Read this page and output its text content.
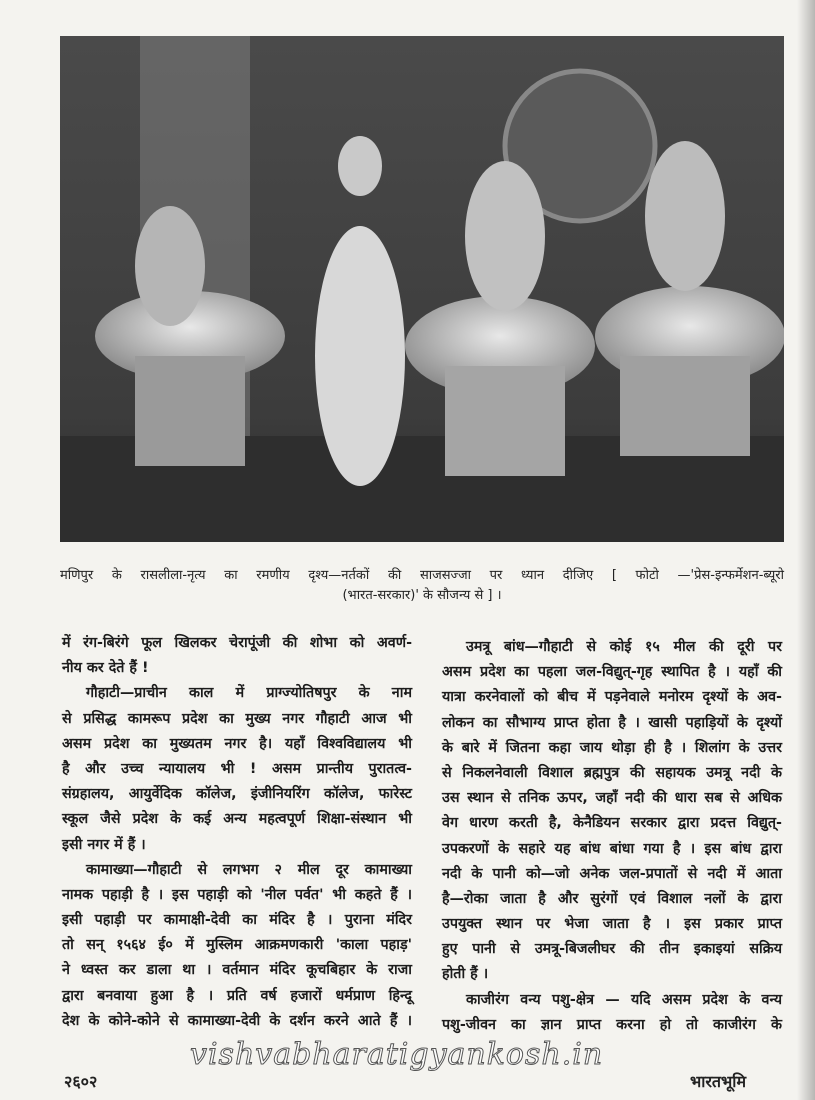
मणिपुर के रासलीला-नृत्य का रमणीय दृश्य—नर्तकों की साजसज्जा पर ध्यान दीजिए [ फोटो —'प्रेस-इन्फर्मेशन-ब्यूरो
(भारत-सरकार)' के सौजन्य से ] ।
में रंग-बिरंगे फूल खिलकर चेरापूंजी की शोभा को अवर्ण-
नीय कर देते हैं !
गौहाटी—प्राचीन काल में प्राग्ज्योतिषपुर के नाम
से प्रसिद्ध कामरूप प्रदेश का मुख्य नगर गौहाटी आज भी
असम प्रदेश का मुख्यतम नगर है। यहाँ विश्वविद्यालय भी
है और उच्च न्यायालय भी ! असम प्रान्तीय पुरातत्व-
संग्रहालय, आयुर्वेदिक कॉलेज, इंजीनियरिंग कॉलेज, फारेस्ट
स्कूल जैसे प्रदेश के कई अन्य महत्वपूर्ण शिक्षा-संस्थान भी
इसी नगर में हैं ।
कामाख्या—गौहाटी से लगभग २ मील दूर कामाख्या
नामक पहाड़ी है । इस पहाड़ी को 'नील पर्वत' भी कहते हैं ।
इसी पहाड़ी पर कामाक्षी-देवी का मंदिर है । पुराना मंदिर
तो सन् १५६४ ई० में मुस्लिम आक्रमणकारी 'काला पहाड़'
ने ध्वस्त कर डाला था । वर्तमान मंदिर कूचबिहार के राजा
द्वारा बनवाया हुआ है । प्रति वर्ष हजारों धर्मप्राण हिन्दू
देश के कोने-कोने से कामाख्या-देवी के दर्शन करने आते हैं ।
उमत्रू बांध—गौहाटी से कोई १५ मील की दूरी पर
असम प्रदेश का पहला जल-विद्युत्-गृह स्थापित है । यहाँ की
यात्रा करनेवालों को बीच में पड़नेवाले मनोरम दृश्यों के अव-
लोकन का सौभाग्य प्राप्त होता है । खासी पहाड़ियों के दृश्यों
के बारे में जितना कहा जाय थोड़ा ही है । शिलांग के उत्तर
से निकलनेवाली विशाल ब्रह्मपुत्र की सहायक उमत्रू नदी के
उस स्थान से तनिक ऊपर, जहाँ नदी की धारा सब से अधिक
वेग धारण करती है, केनैडियन सरकार द्वारा प्रदत्त विद्युत्-
उपकरणों के सहारे यह बांध बांधा गया है । इस बांध द्वारा
नदी के पानी को—जो अनेक जल-प्रपातों से नदी में आता
है—रोका जाता है और सुरंगों एवं विशाल नलों के द्वारा
उपयुक्त स्थान पर भेजा जाता है । इस प्रकार प्राप्त
हुए पानी से उमत्रू-बिजलीघर की तीन इकाइयां सक्रिय
होती हैं ।
काजीरंग वन्य पशु-क्षेत्र — यदि असम प्रदेश के वन्य
पशु-जीवन का ज्ञान प्राप्त करना हो तो काजीरंग के
vishvabharatigyankosh.in
२६०२	भारतभूमि
